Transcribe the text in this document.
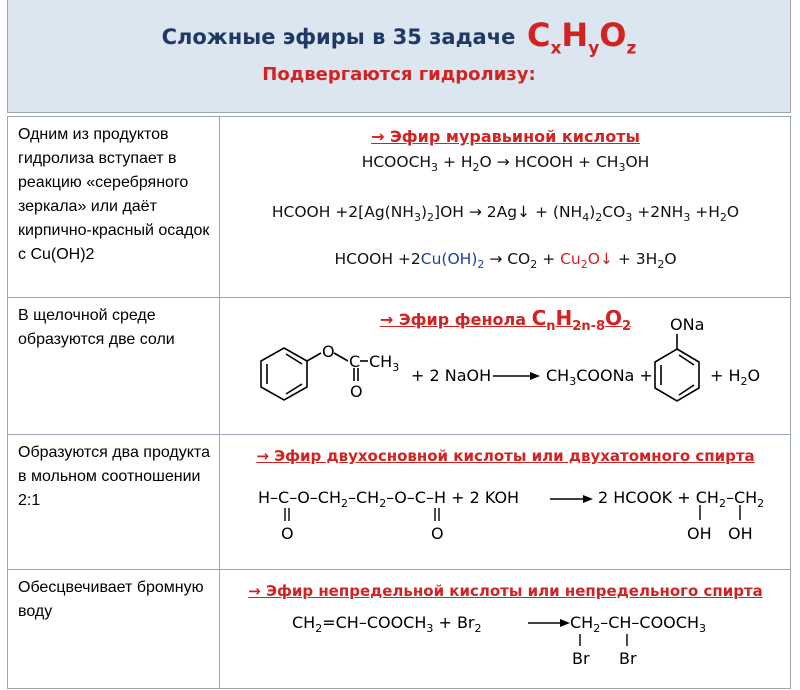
Сложные эфиры в 35 задаче $C_xH_yO_z$
Подвергаются гидролизу:
Одним из продуктов гидролиза вступает в реакцию «серебряного зеркала» или даёт кирпично-красный осадок с Cu(OH)2
→ Эфир муравьиной кислоты
$HCOOCH_3 + H_2O$ → HCOOH + $CH_3OH$
HCOOH $+2[Ag(NH_3)_2]OH$ → 2Ag↓ + $(NH_4)_2CO_3 +2NH_3 +H_2O$
HCOOH $+2Cu(OH)_2 \to CO_2$ + $Cu_2O↓ + 3H_2O$
В щелочной среде образуются две соли
→ Эфир фенола $C_nH_{2n-8}O_2$
O
C $CH_3$
O
+ 2 NaOH	$CH_3COONa$ +
ONa
+ $H_2O$
Образуются два продукта в мольном соотношении 2:1
→ Эфир двухосновной кислоты или двухатомного спирта
$H-C-O-CH_2-CH_2-O-C-H + 2$ KOH
O	O
2 HCOOK + $CH_2-CH_2$
OH OH
Обесцвечивает бромную воду
→ Эфир непредельной кислоты или непредельного спирта
$CH_2=CH-COOCH_3 + Br_2$	$CH_2-CH-COOCH_3$
Br Br
